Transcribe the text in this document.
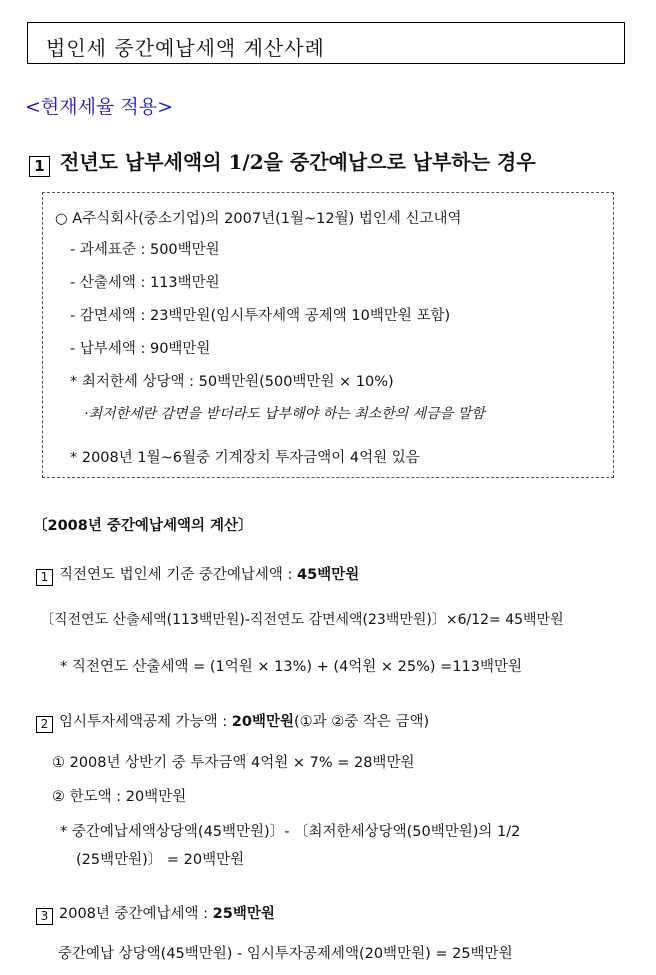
법인세 중간예납세액 계산사례
<현재세율 적용>
1 전년도 납부세액의 1/2을 중간예납으로 납부하는 경우
○ A주식회사(중소기업)의 2007년(1월~12월) 법인세 신고내역
- 과세표준 : 500백만원
- 산출세액 : 113백만원
- 감면세액 : 23백만원(임시투자세액 공제액 10백만원 포함)
- 납부세액 : 90백만원
* 최저한세 상당액 : 50백만원(500백만원 × 10%)
·최저한세란 감면을 받더라도 납부해야 하는 최소한의 세금을 말함
* 2008년 1월~6월중 기계장치 투자금액이 4억원 있음
〔2008년 중간예납세액의 계산〕
1 직전연도 법인세 기준 중간예납세액 : 45백만원
〔직전연도 산출세액(113백만원)-직전연도 감면세액(23백만원)〕×6/12= 45백만원
* 직전연도 산출세액 = (1억원 × 13%) + (4억원 × 25%) =113백만원
2 임시투자세액공제 가능액 : 20백만원(①과 ②중 작은 금액)
① 2008년 상반기 중 투자금액 4억원 × 7% = 28백만원
② 한도액 : 20백만원
* 중간예납세액상당액(45백만원)〕- 〔최저한세상당액(50백만원)의 1/2
(25백만원)〕 = 20백만원
3 2008년 중간예납세액 : 25백만원
중간예납 상당액(45백만원) - 임시투자공제세액(20백만원) = 25백만원
